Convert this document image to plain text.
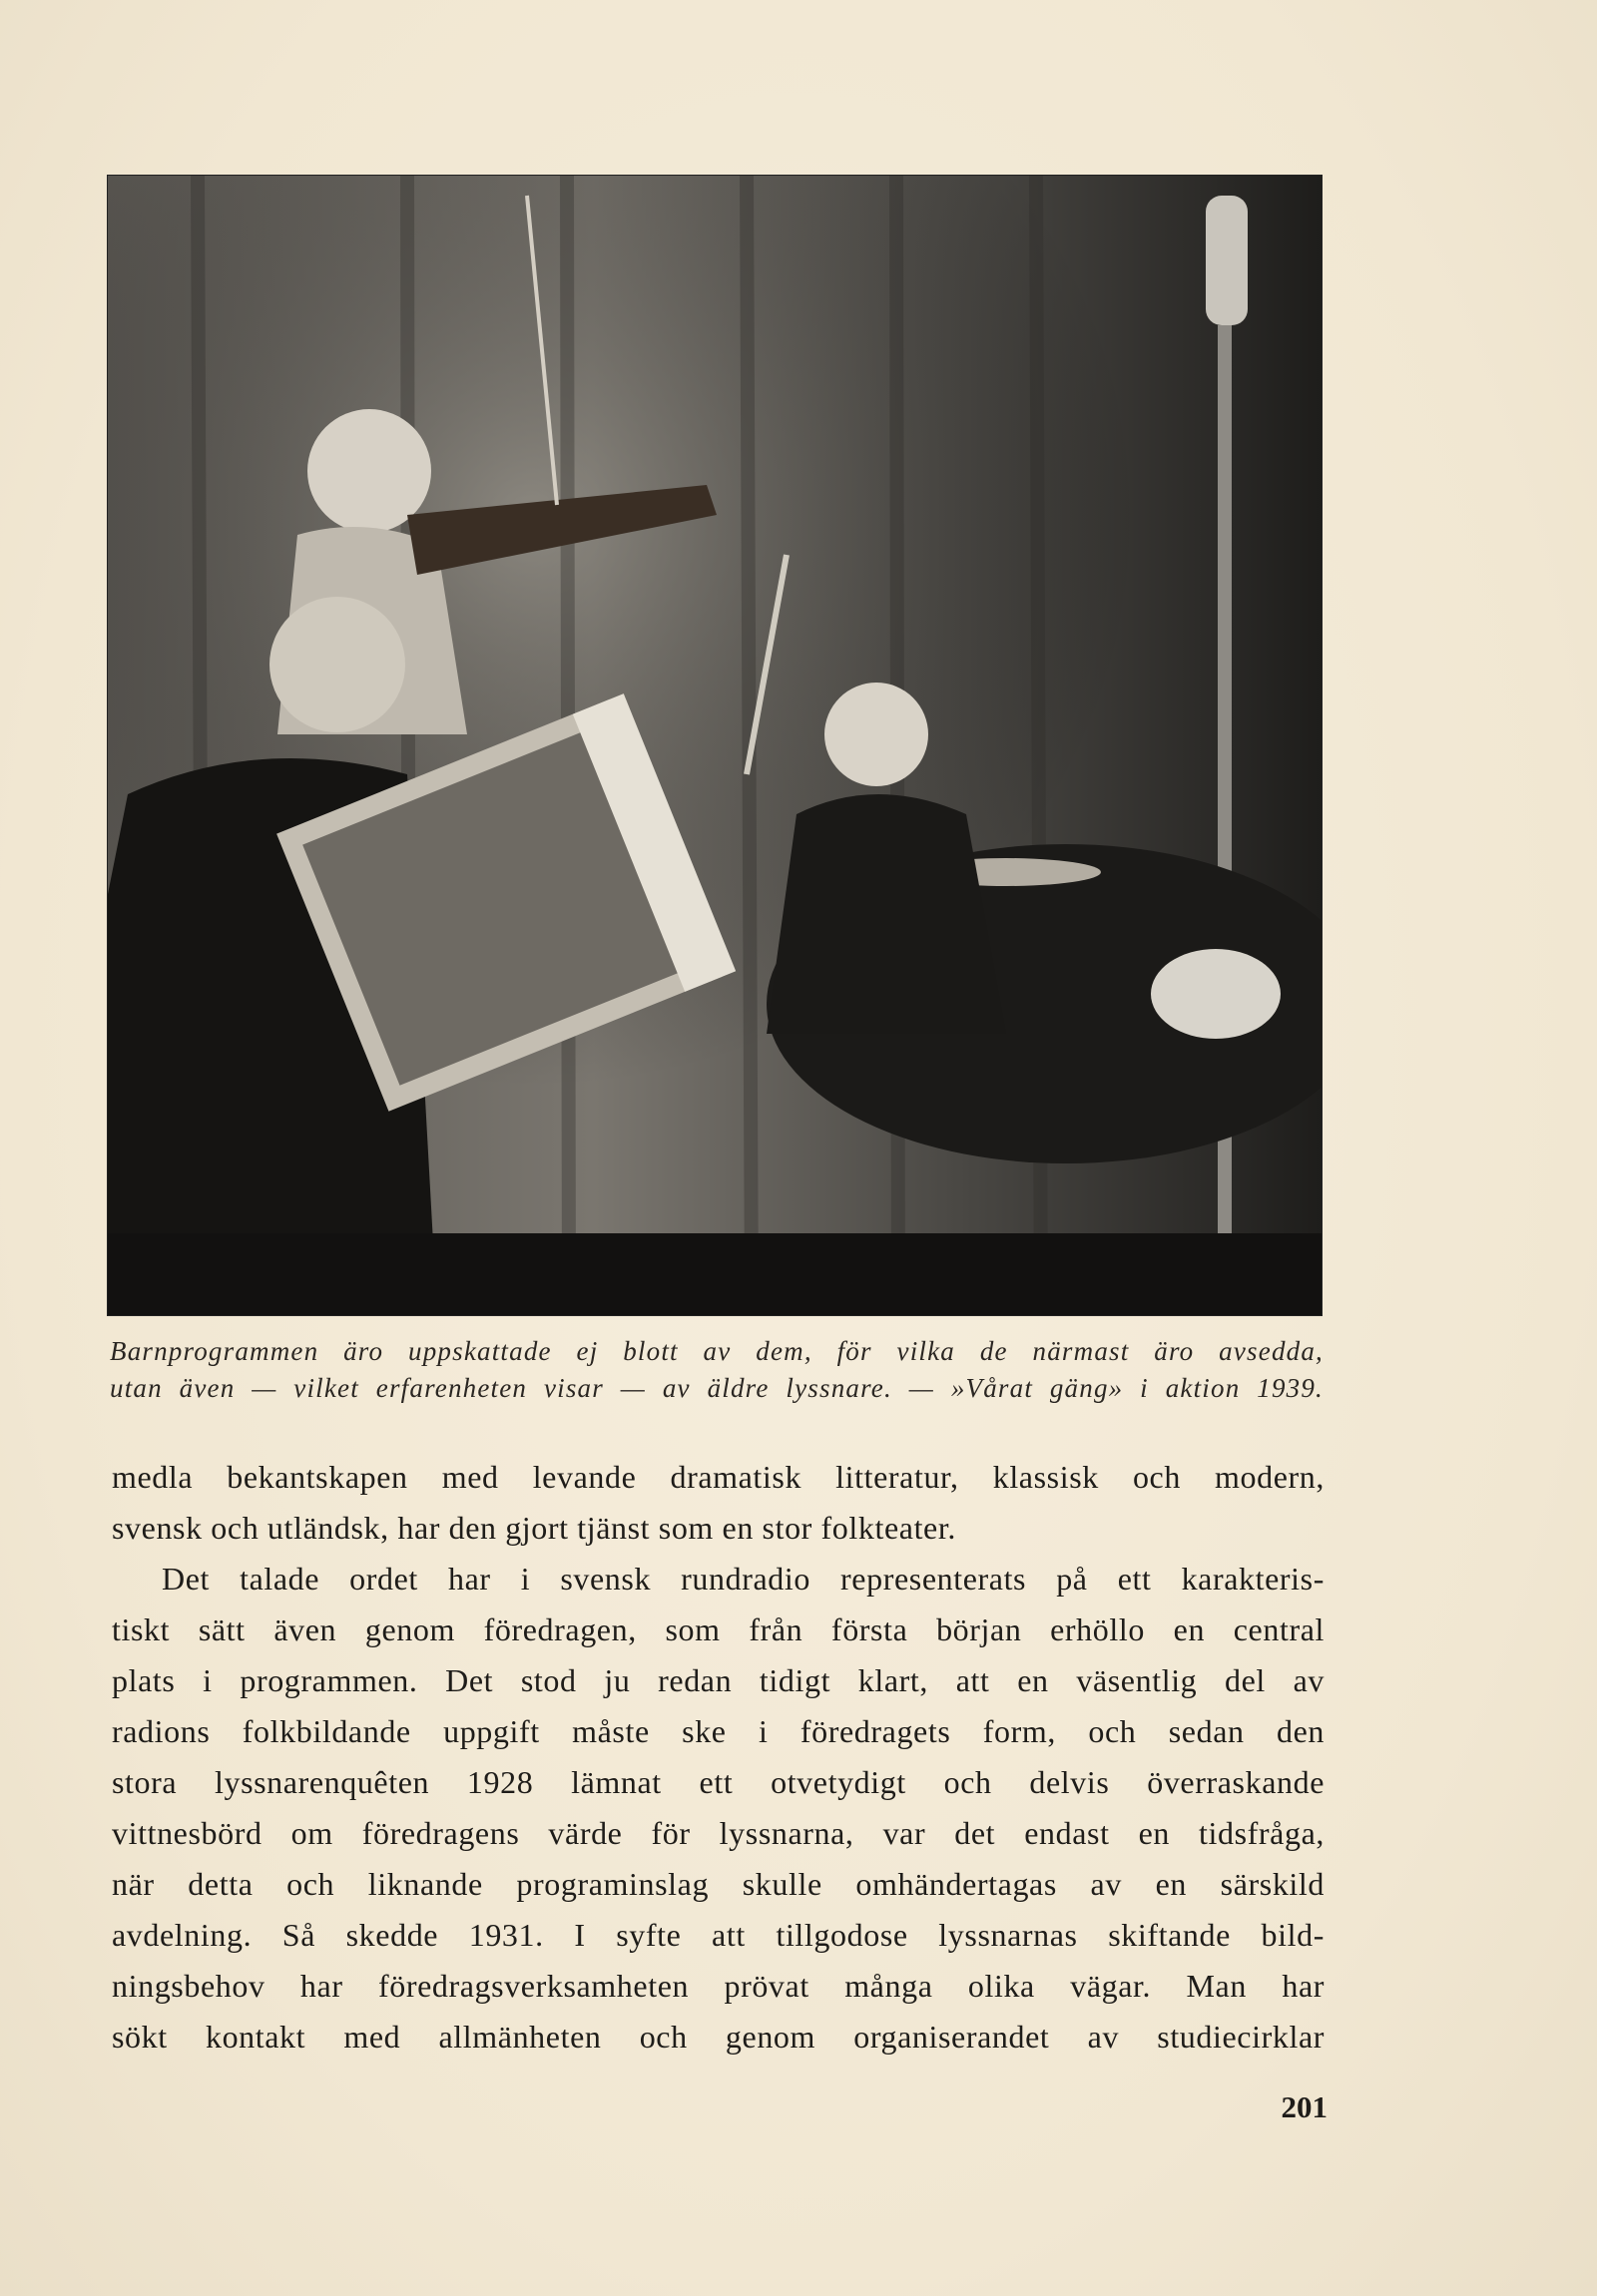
Barnprogrammen äro uppskattade ej blott av dem, för vilka de närmast äro avsedda,
utan även — vilket erfarenheten visar — av äldre lyssnare. — »Vårat gäng» i aktion 1939.
medla bekantskapen med levande dramatisk litteratur, klassisk och modern,
svensk och utländsk, har den gjort tjänst som en stor folkteater.
Det talade ordet har i svensk rundradio representerats på ett karakteris-
tiskt sätt även genom föredragen, som från första början erhöllo en central
plats i programmen. Det stod ju redan tidigt klart, att en väsentlig del av
radions folkbildande uppgift måste ske i föredragets form, och sedan den
stora lyssnarenquêten 1928 lämnat ett otvetydigt och delvis överraskande
vittnesbörd om föredragens värde för lyssnarna, var det endast en tidsfråga,
när detta och liknande programinslag skulle omhändertagas av en särskild
avdelning. Så skedde 1931. I syfte att tillgodose lyssnarnas skiftande bild-
ningsbehov har föredragsverksamheten prövat många olika vägar. Man har
sökt kontakt med allmänheten och genom organiserandet av studiecirklar
201
